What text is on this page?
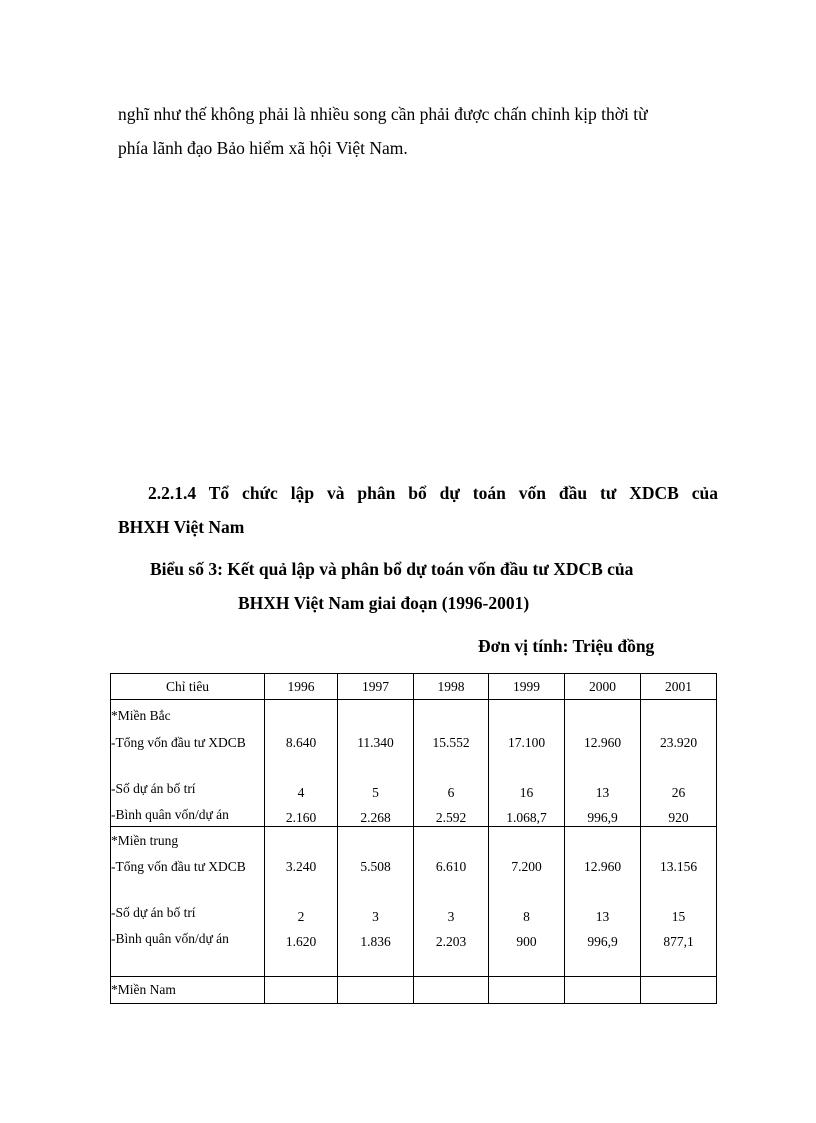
nghĩ như thế không phải là nhiều song cần phải được chấn chỉnh kịp thời từ
phía lãnh đạo Bảo hiểm xã hội Việt Nam.

2.2.1.4 Tổ chức lập và phân bổ dự toán vốn đầu tư XDCB của
BHXH Việt Nam
Biểu số 3: Kết quả lập và phân bổ dự toán vốn đầu tư XDCB của
BHXH Việt Nam giai đoạn (1996-2001)
Đơn vị tính: Triệu đồng
Chỉ tiêu	1996	1997	1998	1999	2000	2001
*Miền Bắc						
-Tổng vốn đầu tư XDCB	8.640	11.340	15.552	17.100	12.960	23.920
-Số dự án bố trí	4	5	6	16	13	26
-Bình quân vốn/dự án	2.160	2.268	2.592	1.068,7	996,9	920
*Miền trung						
-Tổng vốn đầu tư XDCB	3.240	5.508	6.610	7.200	12.960	13.156
-Số dự án bố trí	2	3	3	8	13	15
-Bình quân vốn/dự án	1.620	1.836	2.203	900	996,9	877,1
*Miền Nam						
